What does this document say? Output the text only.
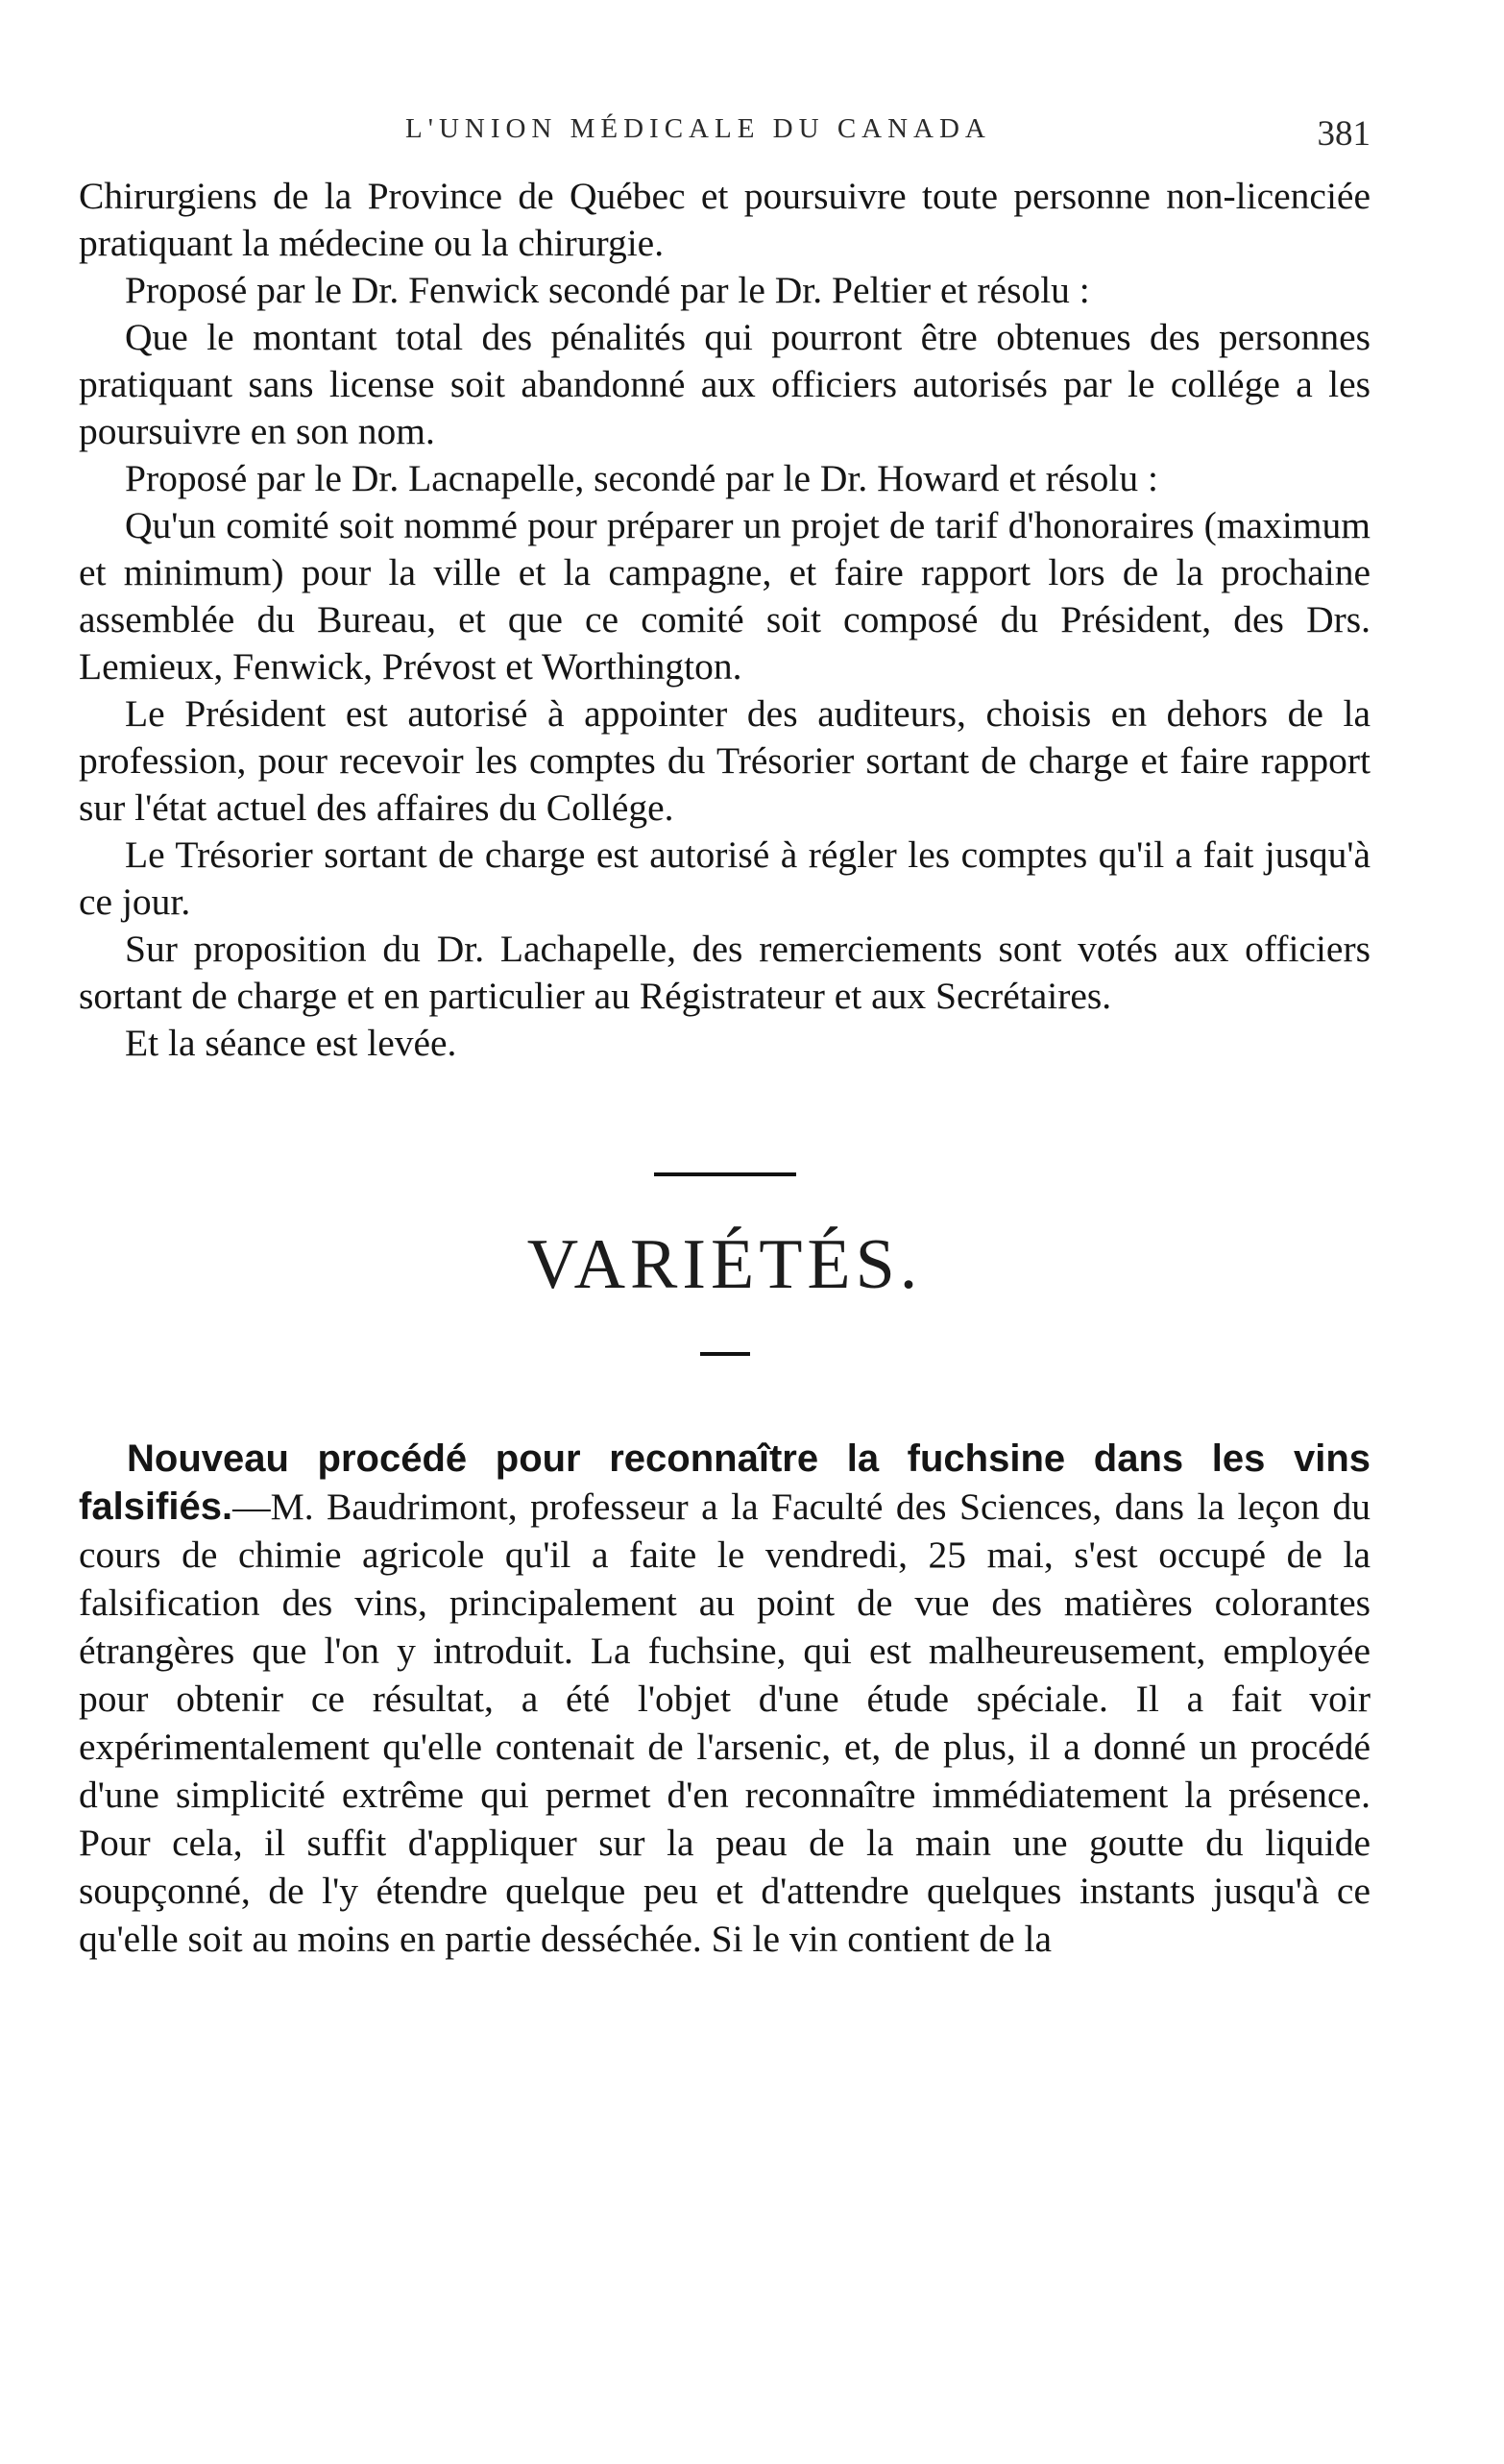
L'UNION MÉDICALE DU CANADA	381

Chirurgiens de la Province de Québec et poursuivre toute personne non-licenciée pratiquant la médecine ou la chirurgie.

Proposé par le Dr. Fenwick secondé par le Dr. Peltier et résolu :

Que le montant total des pénalités qui pourront être obtenues des personnes pratiquant sans license soit abandonné aux officiers autorisés par le collége a les poursuivre en son nom.

Proposé par le Dr. Lacnapelle, secondé par le Dr. Howard et résolu :

Qu'un comité soit nommé pour préparer un projet de tarif d'honoraires (maximum et minimum) pour la ville et la campagne, et faire rapport lors de la prochaine assemblée du Bureau, et que ce comité soit composé du Président, des Drs. Lemieux, Fenwick, Prévost et Worthington.

Le Président est autorisé à appointer des auditeurs, choisis en dehors de la profession, pour recevoir les comptes du Trésorier sortant de charge et faire rapport sur l'état actuel des affaires du Collége.

Le Trésorier sortant de charge est autorisé à régler les comptes qu'il a fait jusqu'à ce jour.

Sur proposition du Dr. Lachapelle, des remerciements sont votés aux officiers sortant de charge et en particulier au Régistrateur et aux Secrétaires.

Et la séance est levée.

VARIÉTÉS.
Nouveau procédé pour reconnaître la fuchsine dans les vins falsifiés.—M. Baudrimont, professeur a la Faculté des Sciences, dans la leçon du cours de chimie agricole qu'il a faite le vendredi, 25 mai, s'est occupé de la falsification des vins, principalement au point de vue des matières colorantes étrangères que l'on y introduit. La fuchsine, qui est malheureusement, employée pour obtenir ce résultat, a été l'objet d'une étude spéciale. Il a fait voir expérimentalement qu'elle contenait de l'arsenic, et, de plus, il a donné un procédé d'une simplicité extrême qui permet d'en reconnaître immédiatement la présence. Pour cela, il suffit d'appliquer sur la peau de la main une goutte du liquide soupçonné, de l'y étendre quelque peu et d'attendre quelques instants jusqu'à ce qu'elle soit au moins en partie desséchée. Si le vin contient de la
